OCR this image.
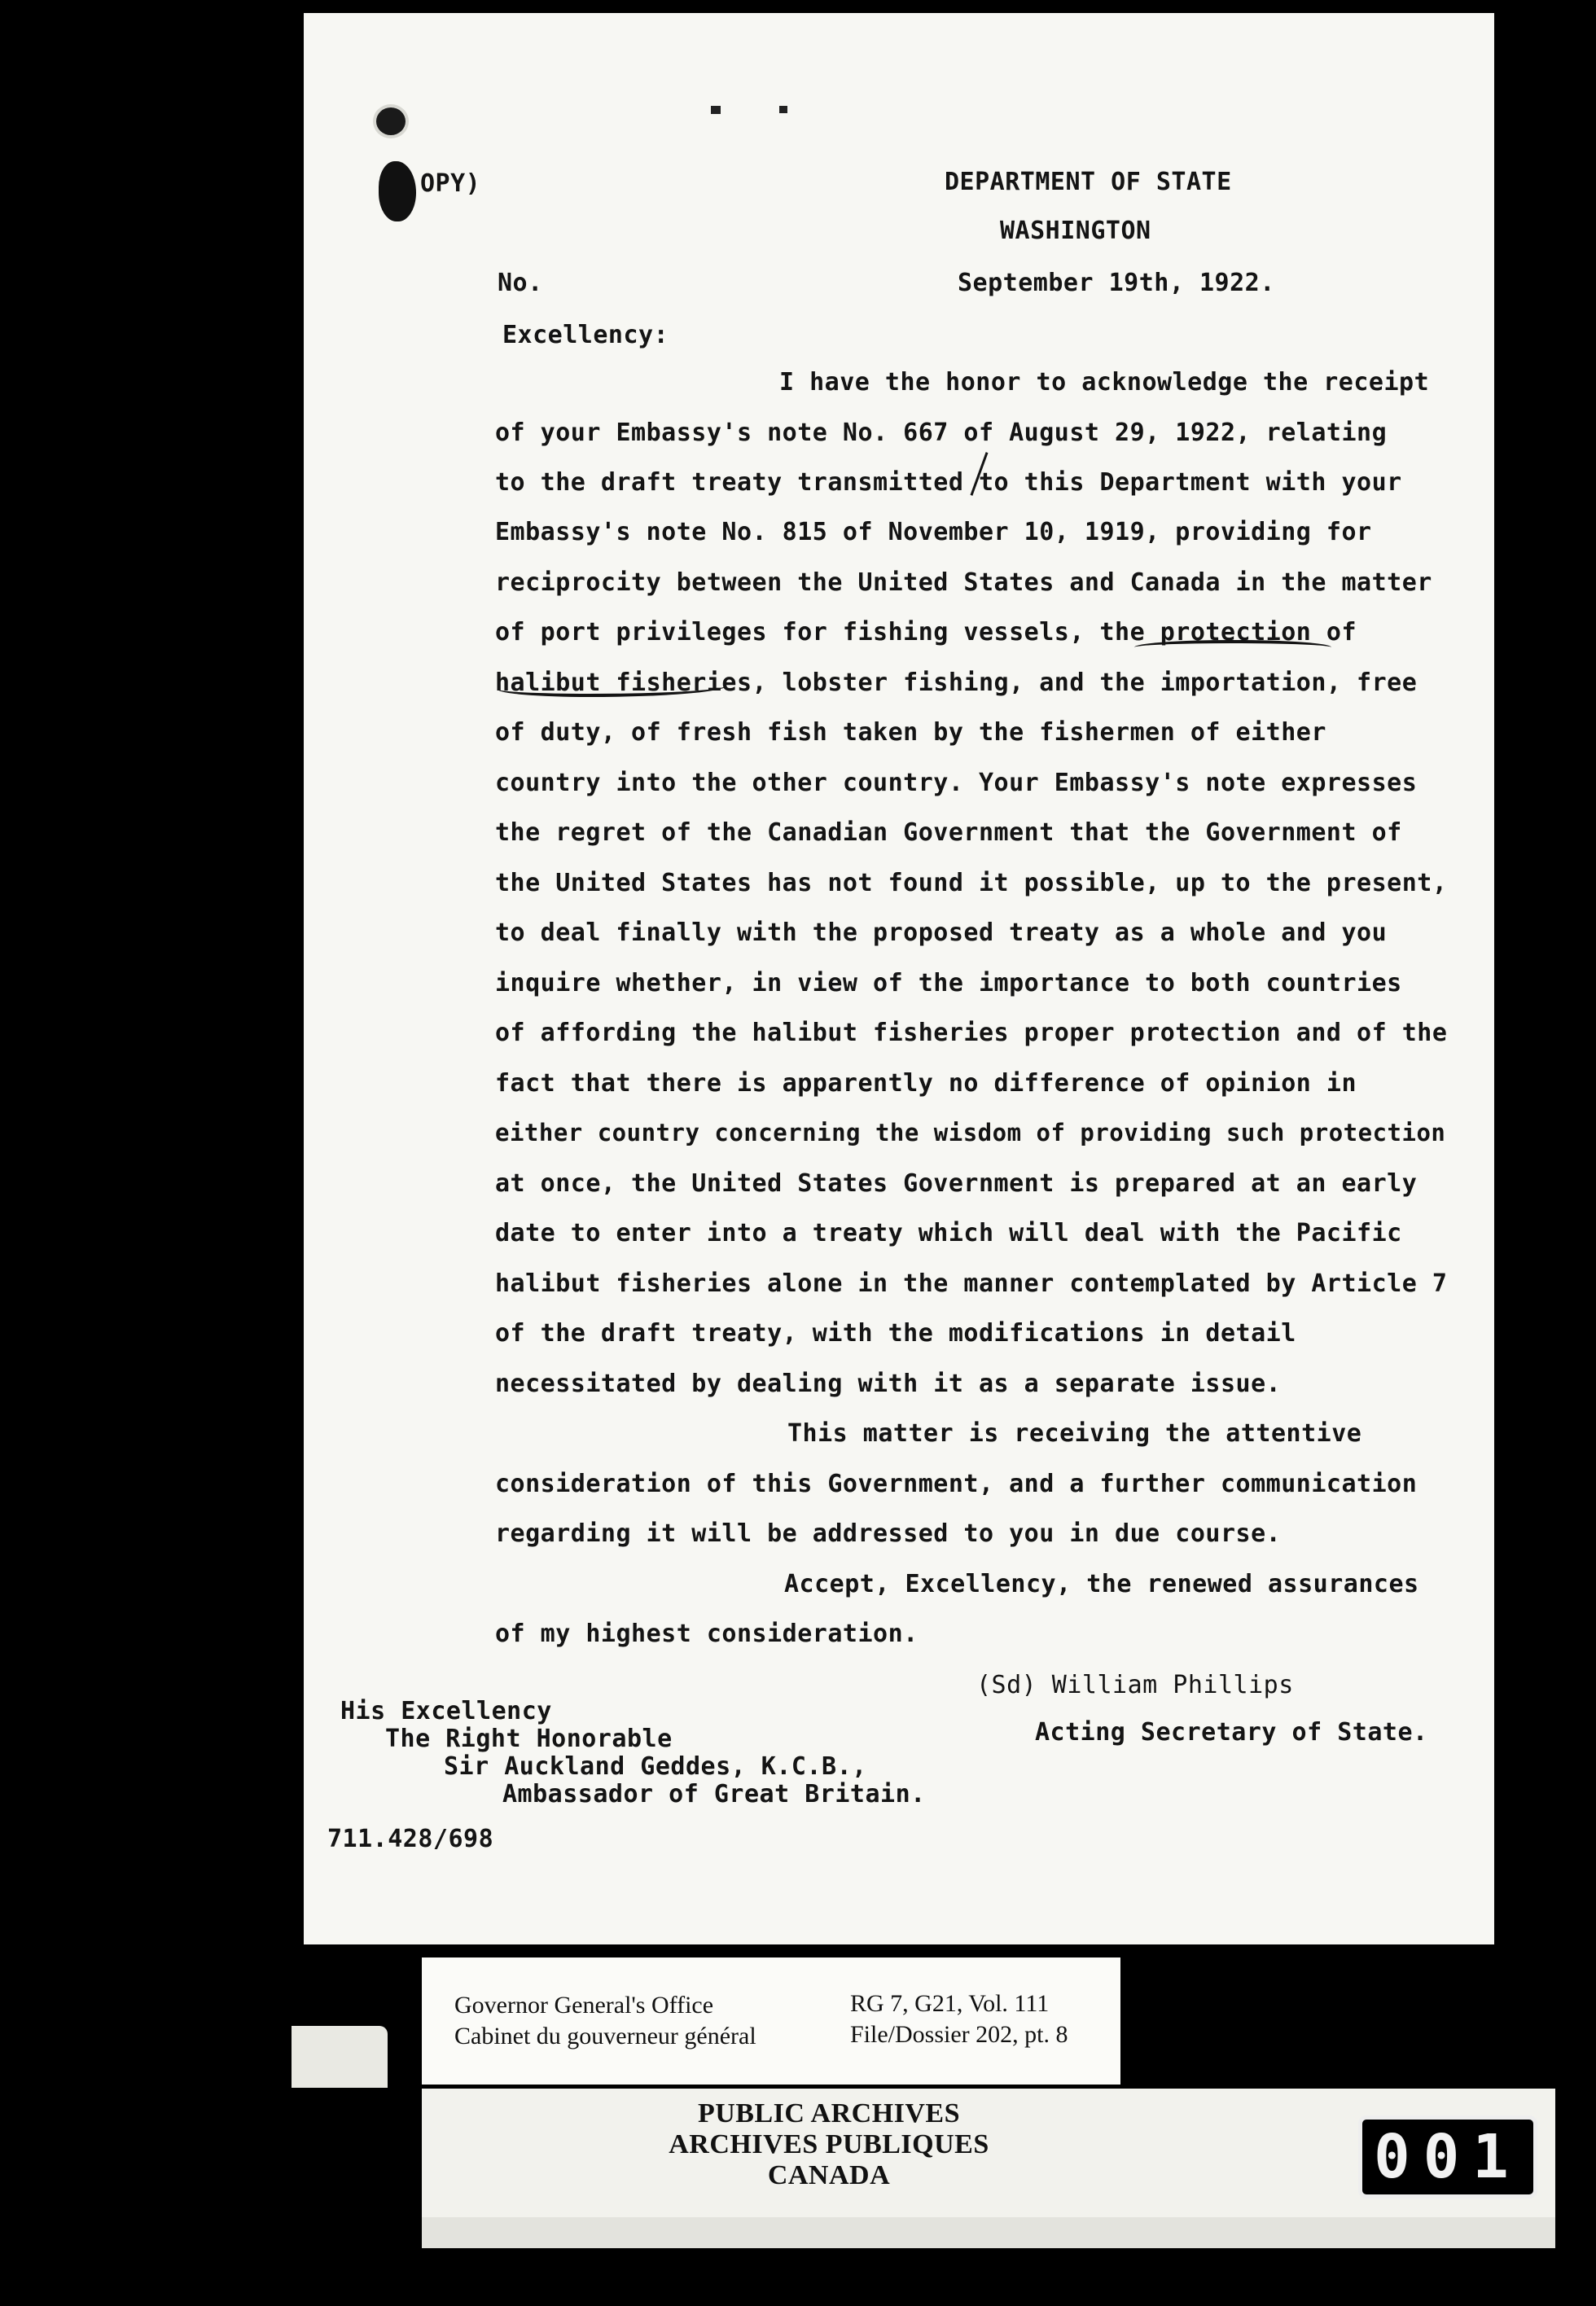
OPY)	DEPARTMENT OF STATE
WASHINGTON
No.	September 19th, 1922.
Excellency:
I have the honor to acknowledge the receipt
of your Embassy's note No. 667 of August 29, 1922, relating
to the draft treaty transmitted to this Department with your
Embassy's note No. 815 of November 10, 1919, providing for
reciprocity between the United States and Canada in the matter
of port privileges for fishing vessels, the protection of
halibut fisheries, lobster fishing, and the importation, free
of duty, of fresh fish taken by the fishermen of either
country into the other country. Your Embassy's note expresses
the regret of the Canadian Government that the Government of
the United States has not found it possible, up to the present,
to deal finally with the proposed treaty as a whole and you
inquire whether, in view of the importance to both countries
of affording the halibut fisheries proper protection and of the
fact that there is apparently no difference of opinion in
either country concerning the wisdom of providing such protection
at once, the United States Government is prepared at an early
date to enter into a treaty which will deal with the Pacific
halibut fisheries alone in the manner contemplated by Article 7
of the draft treaty, with the modifications in detail
necessitated by dealing with it as a separate issue.
This matter is receiving the attentive
consideration of this Government, and a further communication
regarding it will be addressed to you in due course.
Accept, Excellency, the renewed assurances
of my highest consideration.
(Sd) William Phillips
Acting Secretary of State.
His Excellency
The Right Honorable
Sir Auckland Geddes, K.C.B.,
Ambassador of Great Britain.
711.428/698
Governor General's Office
Cabinet du gouverneur général
RG 7, G21, Vol. 111
File/Dossier 202, pt. 8
PUBLIC ARCHIVES
ARCHIVES PUBLIQUES
CANADA	001
